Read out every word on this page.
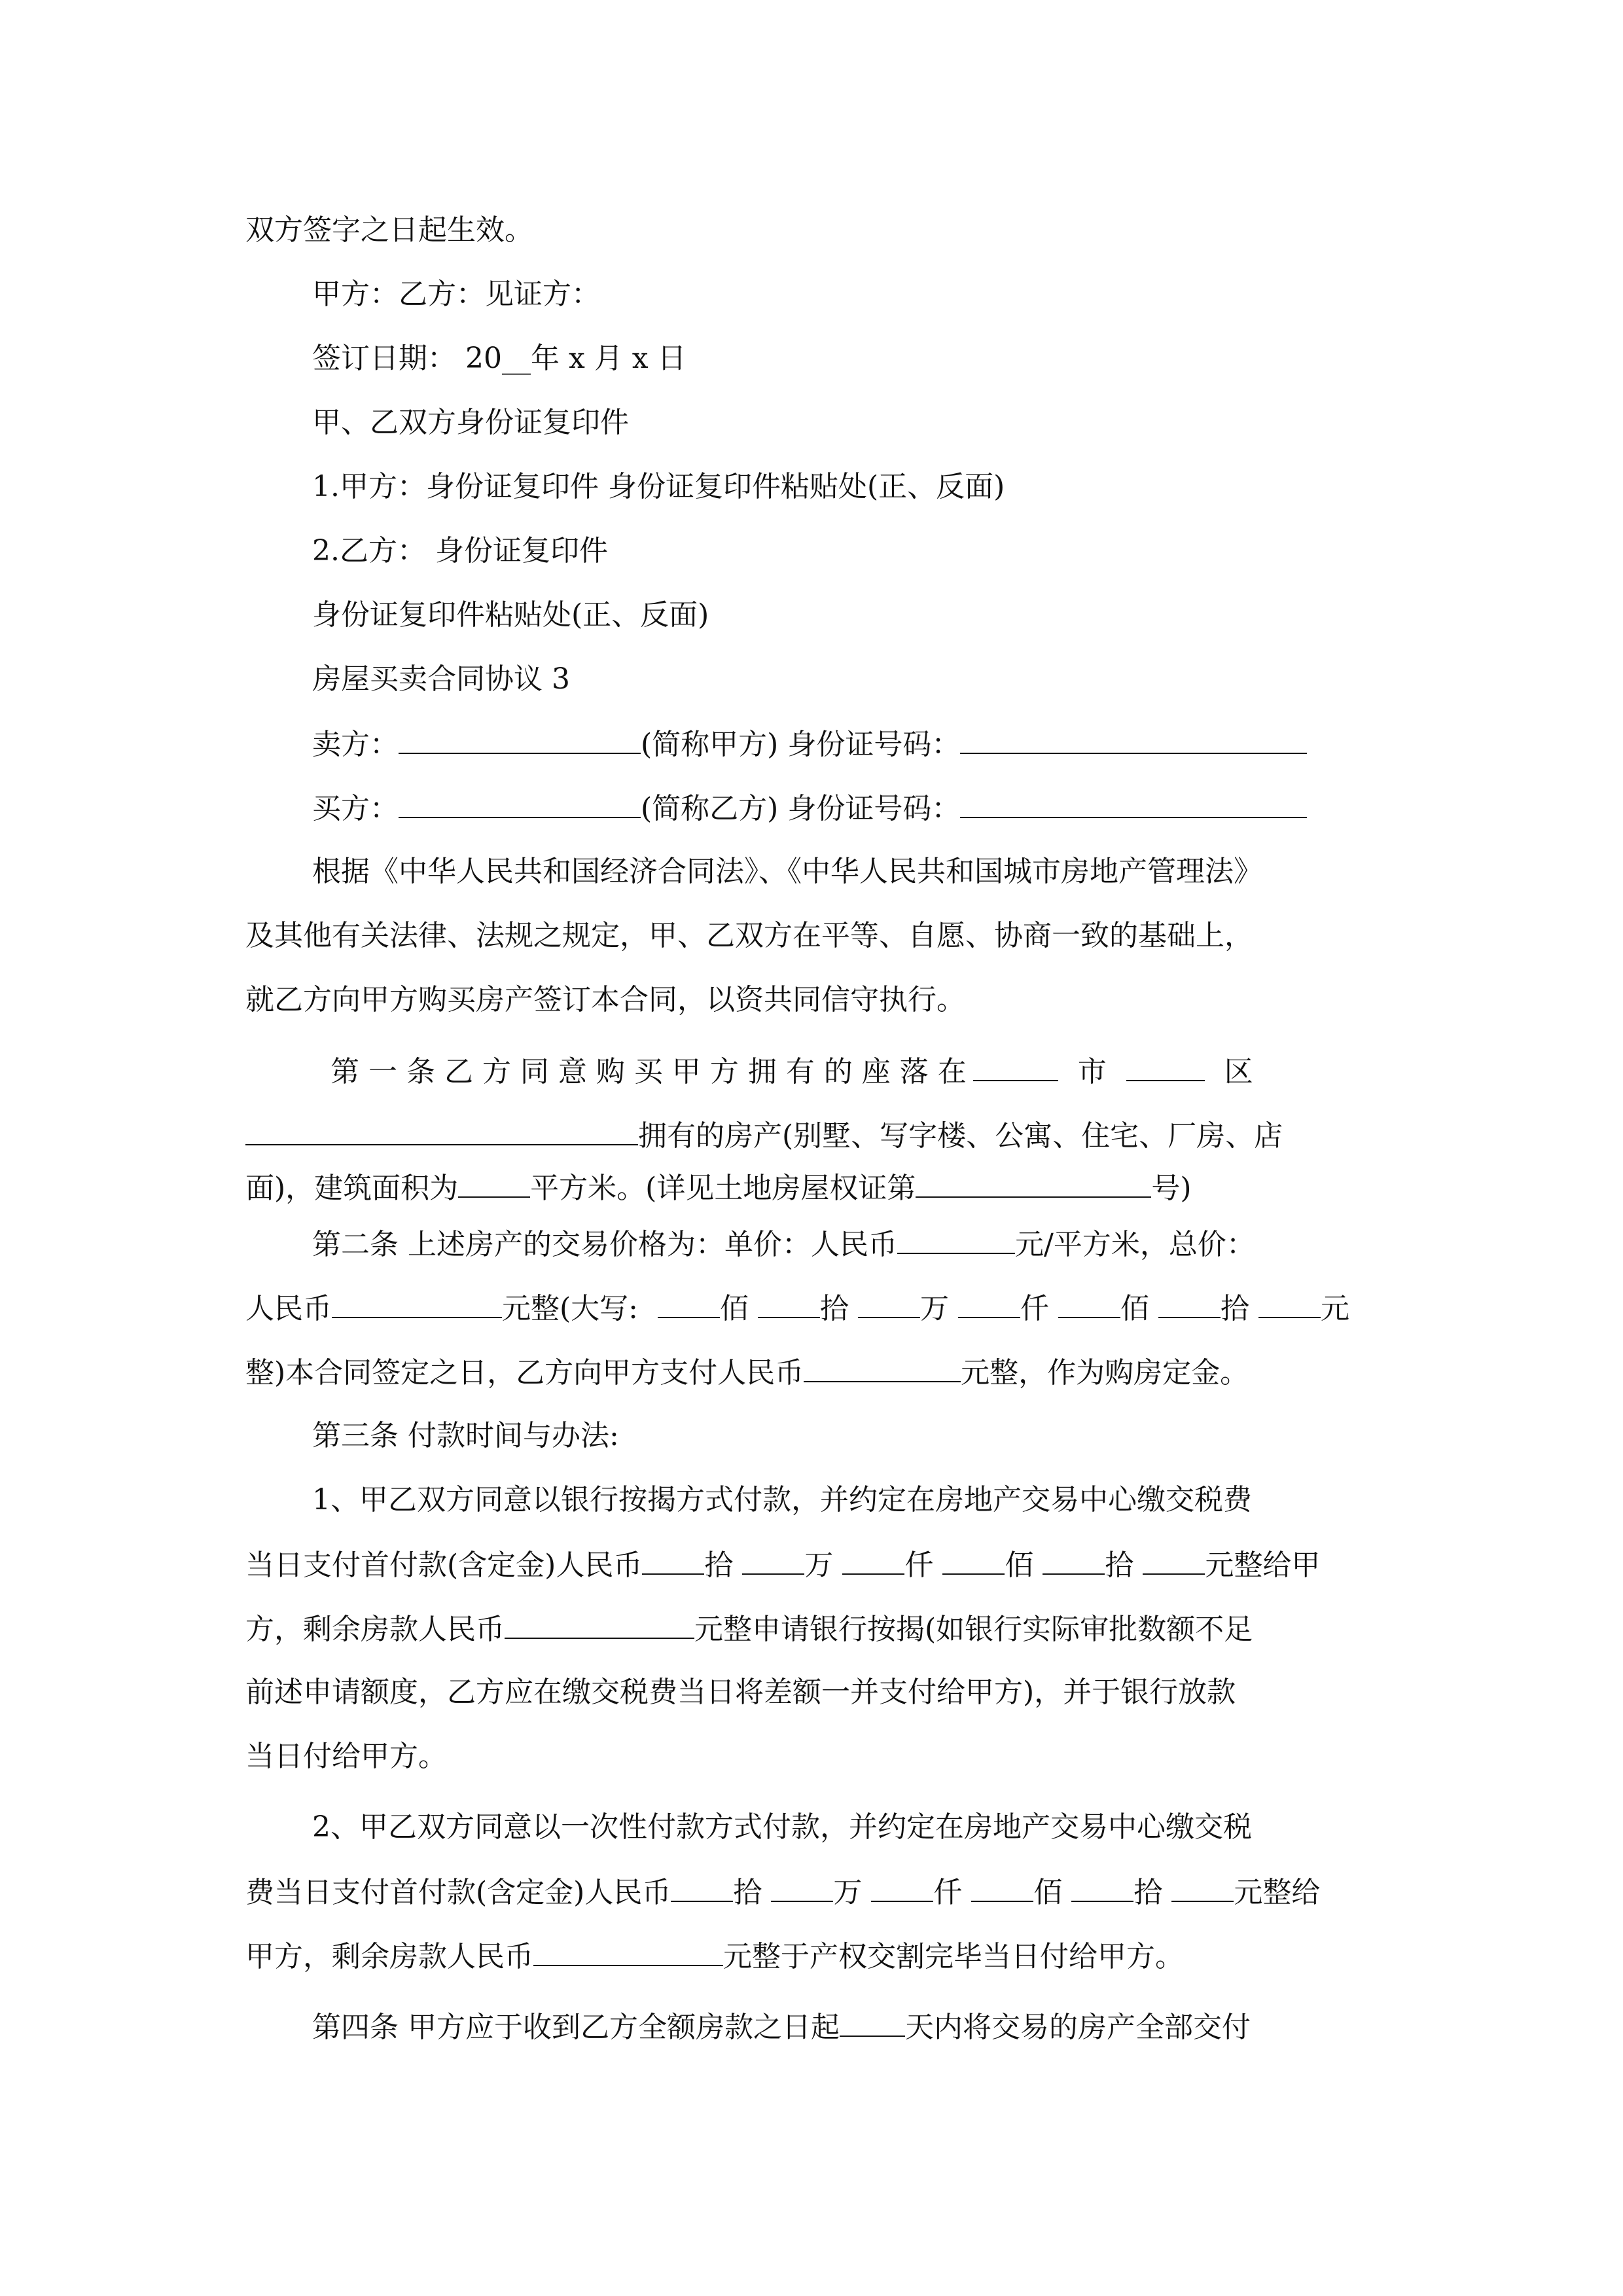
双方签字之日起生效。
甲方：乙方：见证方：
签订日期： 20__年 x 月 x 日
甲、乙双方身份证复印件
1.甲方：身份证复印件 身份证复印件粘贴处(正、反面)
2.乙方： 身份证复印件
身份证复印件粘贴处(正、反面)
房屋买卖合同协议 3
卖方：	(简称甲方) 身份证号码：
买方：	(简称乙方) 身份证号码：
根据《中华人民共和国经济合同法》、《中华人民共和国城市房地产管理法》
及其他有关法律、法规之规定，甲、乙双方在平等、自愿、协商一致的基础上，
就乙方向甲方购买房产签订本合同，以资共同信守执行。
第 一 条 乙 方 同 意 购 买 甲 方 拥 有 的 座 落 在	市	区
拥有的房产(别墅、写字楼、公寓、住宅、厂房、店
面)，建筑面积为	平方米。(详见土地房屋权证第	号)
第二条 上述房产的交易价格为：单价：人民币	元/平方米，总价：
人民币	元整(大写:	佰 拾 万 仟 佰 拾 元
整)本合同签定之日，乙方向甲方支付人民币	元整，作为购房定金。
第三条 付款时间与办法:
1、甲乙双方同意以银行按揭方式付款，并约定在房地产交易中心缴交税费
当日支付首付款(含定金)人民币 拾 万 仟 佰 拾 元整给甲
方，剩余房款人民币	元整申请银行按揭(如银行实际审批数额不足
前述申请额度，乙方应在缴交税费当日将差额一并支付给甲方)，并于银行放款
当日付给甲方。
2、甲乙双方同意以一次性付款方式付款，并约定在房地产交易中心缴交税
费当日支付首付款(含定金)人民币 拾 万 仟 佰 拾 元整给
甲方，剩余房款人民币	元整于产权交割完毕当日付给甲方。
第四条 甲方应于收到乙方全额房款之日起 天内将交易的房产全部交付
